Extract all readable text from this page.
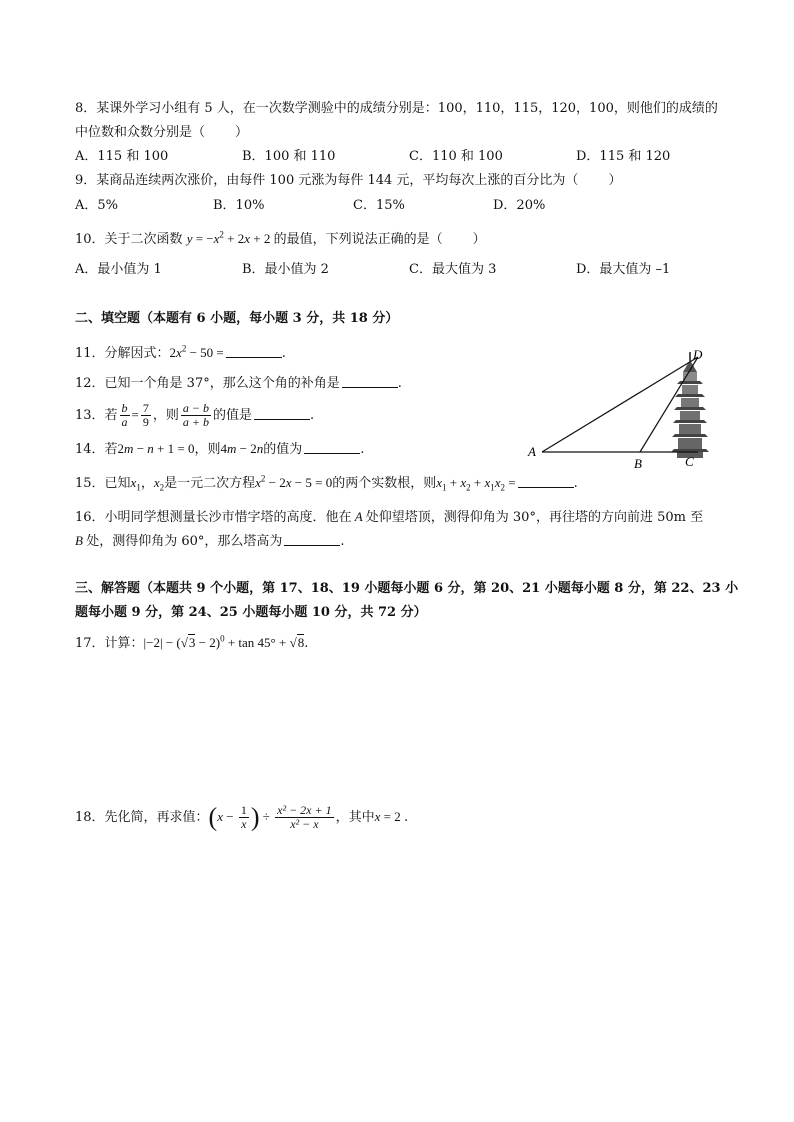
8．某课外学习小组有 5 人，在一次数学测验中的成绩分别是：100，110，115，120，100，则他们的成绩的
中位数和众数分别是（ ）
A．115 和 100	B．100 和 110	C．110 和 100	D．115 和 120
9．某商品连续两次涨价，由每件 100 元涨为每件 144 元，平均每次上涨的百分比为（ ）
A．5%	B．10%	C．15%	D．20%
10．关于二次函数 $y = -x^2 + 2x + 2$ 的最值，下列说法正确的是（ ）
A．最小值为 1	B．最小值为 2	C．最大值为 3	D．最大值为 –1
二、填空题（本题有 6 小题，每小题 3 分，共 18 分）
11．分解因式：$2x^2 - 50$ =	.
12．已知一个角是 37°，那么这个角的补角是	.
13．若 $\frac{b}{a} = \frac{7}{9}$ ，则 $\frac{a - b}{a + b}$ 的值是	.
14．若2m − n + 1 = 0，则4m − 2n的值为	.
15．已知$x_1$，$x_2$是一元二次方程$x^2 - 2x - 5 = 0$的两个实数根，则$x_1 + x_2 + x_1x_2$ =	.
16．小明同学想测量长沙市惜字塔的高度．他在 A 处仰望塔顶，测得仰角为 30°，再往塔的方向前进 50m 至
B 处，测得仰角为 60°，那么塔高为	.
三、解答题（本题共 9 个小题，第 17、18、19 小题每小题 6 分，第 20、21 小题每小题 8 分，第 22、23 小
题每小题 9 分，第 24、25 小题每小题 10 分，共 72 分）
17．计算：$|-2| - (√3 - 2)^0 + \tan 45^\circ + √8$.
18．先化简，再求值：($x - \frac{1}{x}$ ) ÷ $\frac{\text{x² − 2x + 1}}{\text{x² − x}}$ ，其中x = 2 .
A
B	C
D
